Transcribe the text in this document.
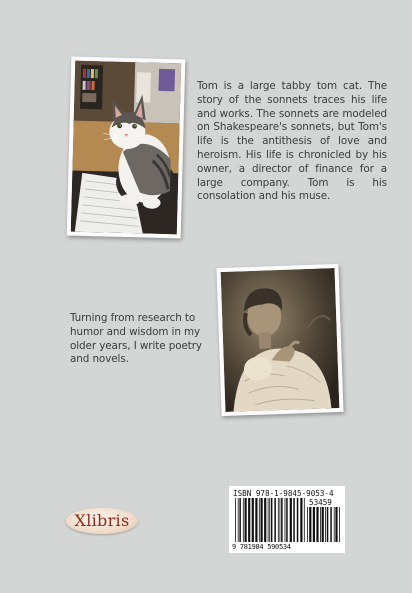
Tom is a large tabby tom cat. The story of the sonnets traces his life and works. The sonnets are modeled on Shakespeare's sonnets, but Tom's life is the antithesis of love and heroism. His life is chronicled by his owner, a director of finance for a large company. Tom is his consolation and his muse.

Turning from research to humor and wisdom in my older years, I write poetry and novels.

Xlibris
ISBN 978-1-9845-9053-4
53459
9 781984 590534
